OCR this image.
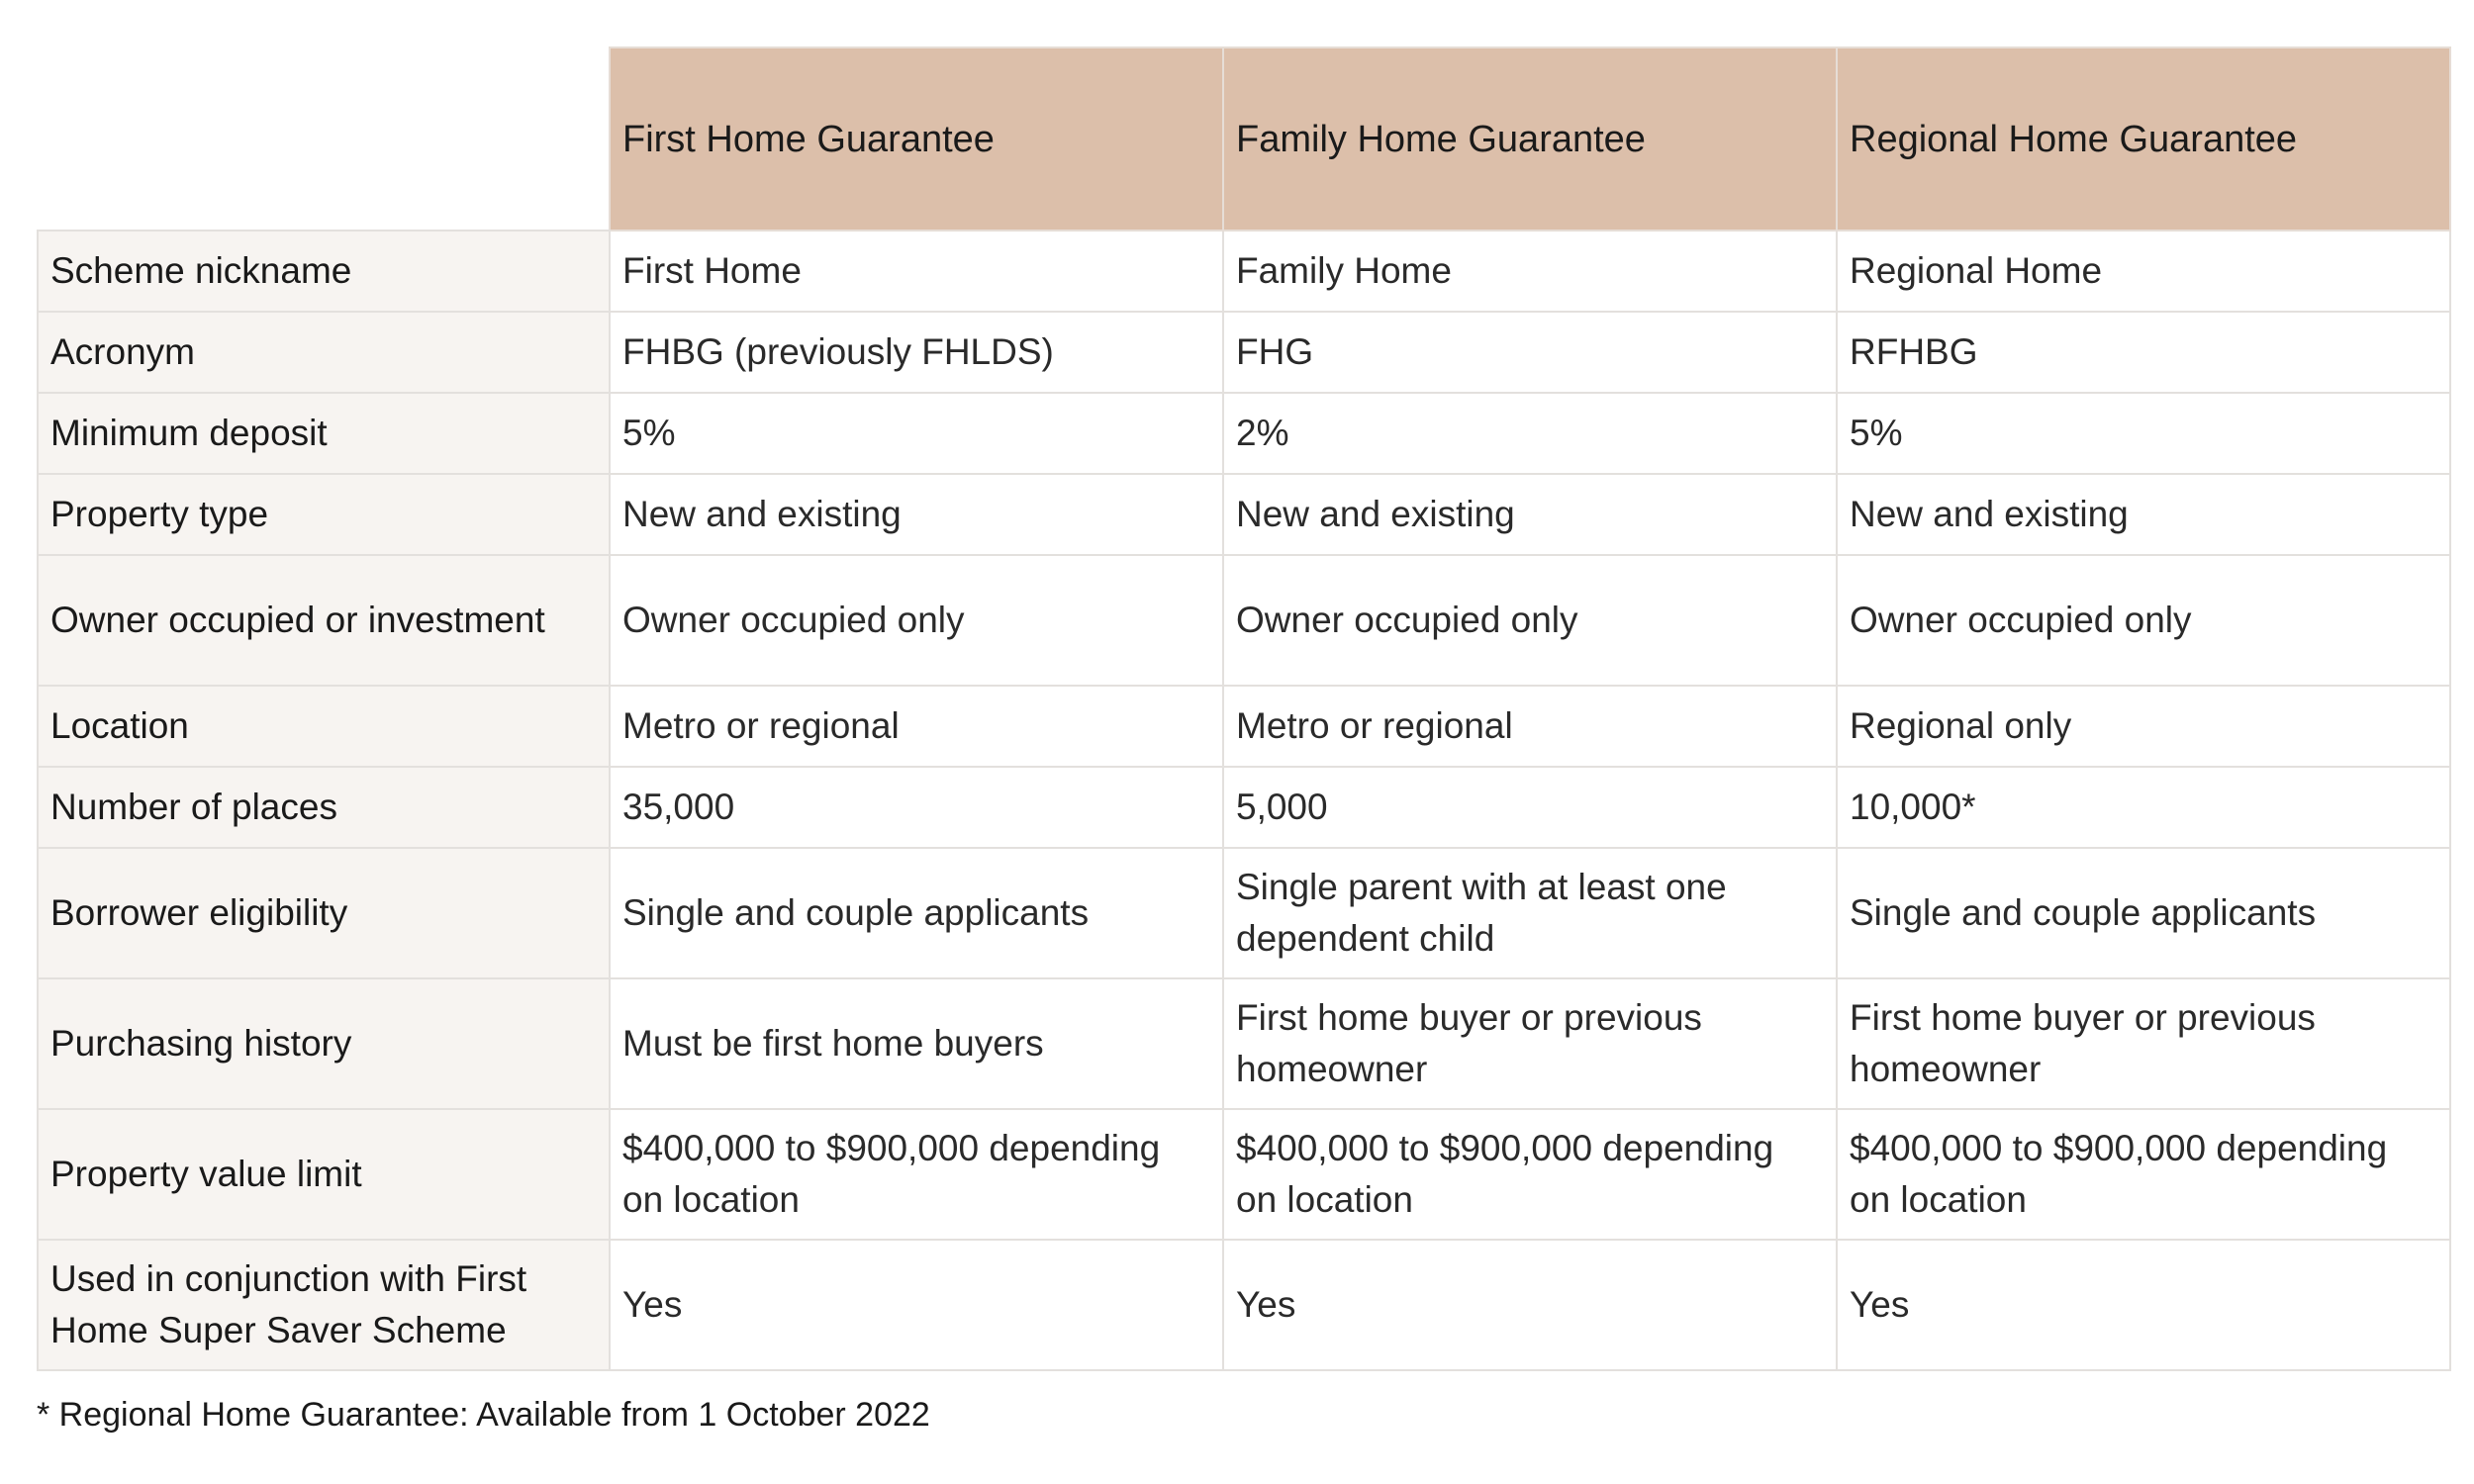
	First Home Guarantee	Family Home Guarantee	Regional Home Guarantee
Scheme nickname	First Home	Family Home	Regional Home
Acronym	FHBG (previously FHLDS)	FHG	RFHBG
Minimum deposit	5%	2%	5%
Property type	New and existing	New and existing	New and existing
Owner occupied or investment	Owner occupied only	Owner occupied only	Owner occupied only
Location	Metro or regional	Metro or regional	Regional only
Number of places	35,000	5,000	10,000*
Borrower eligibility	Single and couple applicants	Single parent with at least one dependent child	Single and couple applicants
Purchasing history	Must be first home buyers	First home buyer or previous homeowner	First home buyer or previous homeowner
Property value limit	$400,000 to $900,000 depending on location	$400,000 to $900,000 depending on location	$400,000 to $900,000 depending on location
Used in conjunction with First Home Super Saver Scheme	Yes	Yes	Yes
* Regional Home Guarantee: Available from 1 October 2022
